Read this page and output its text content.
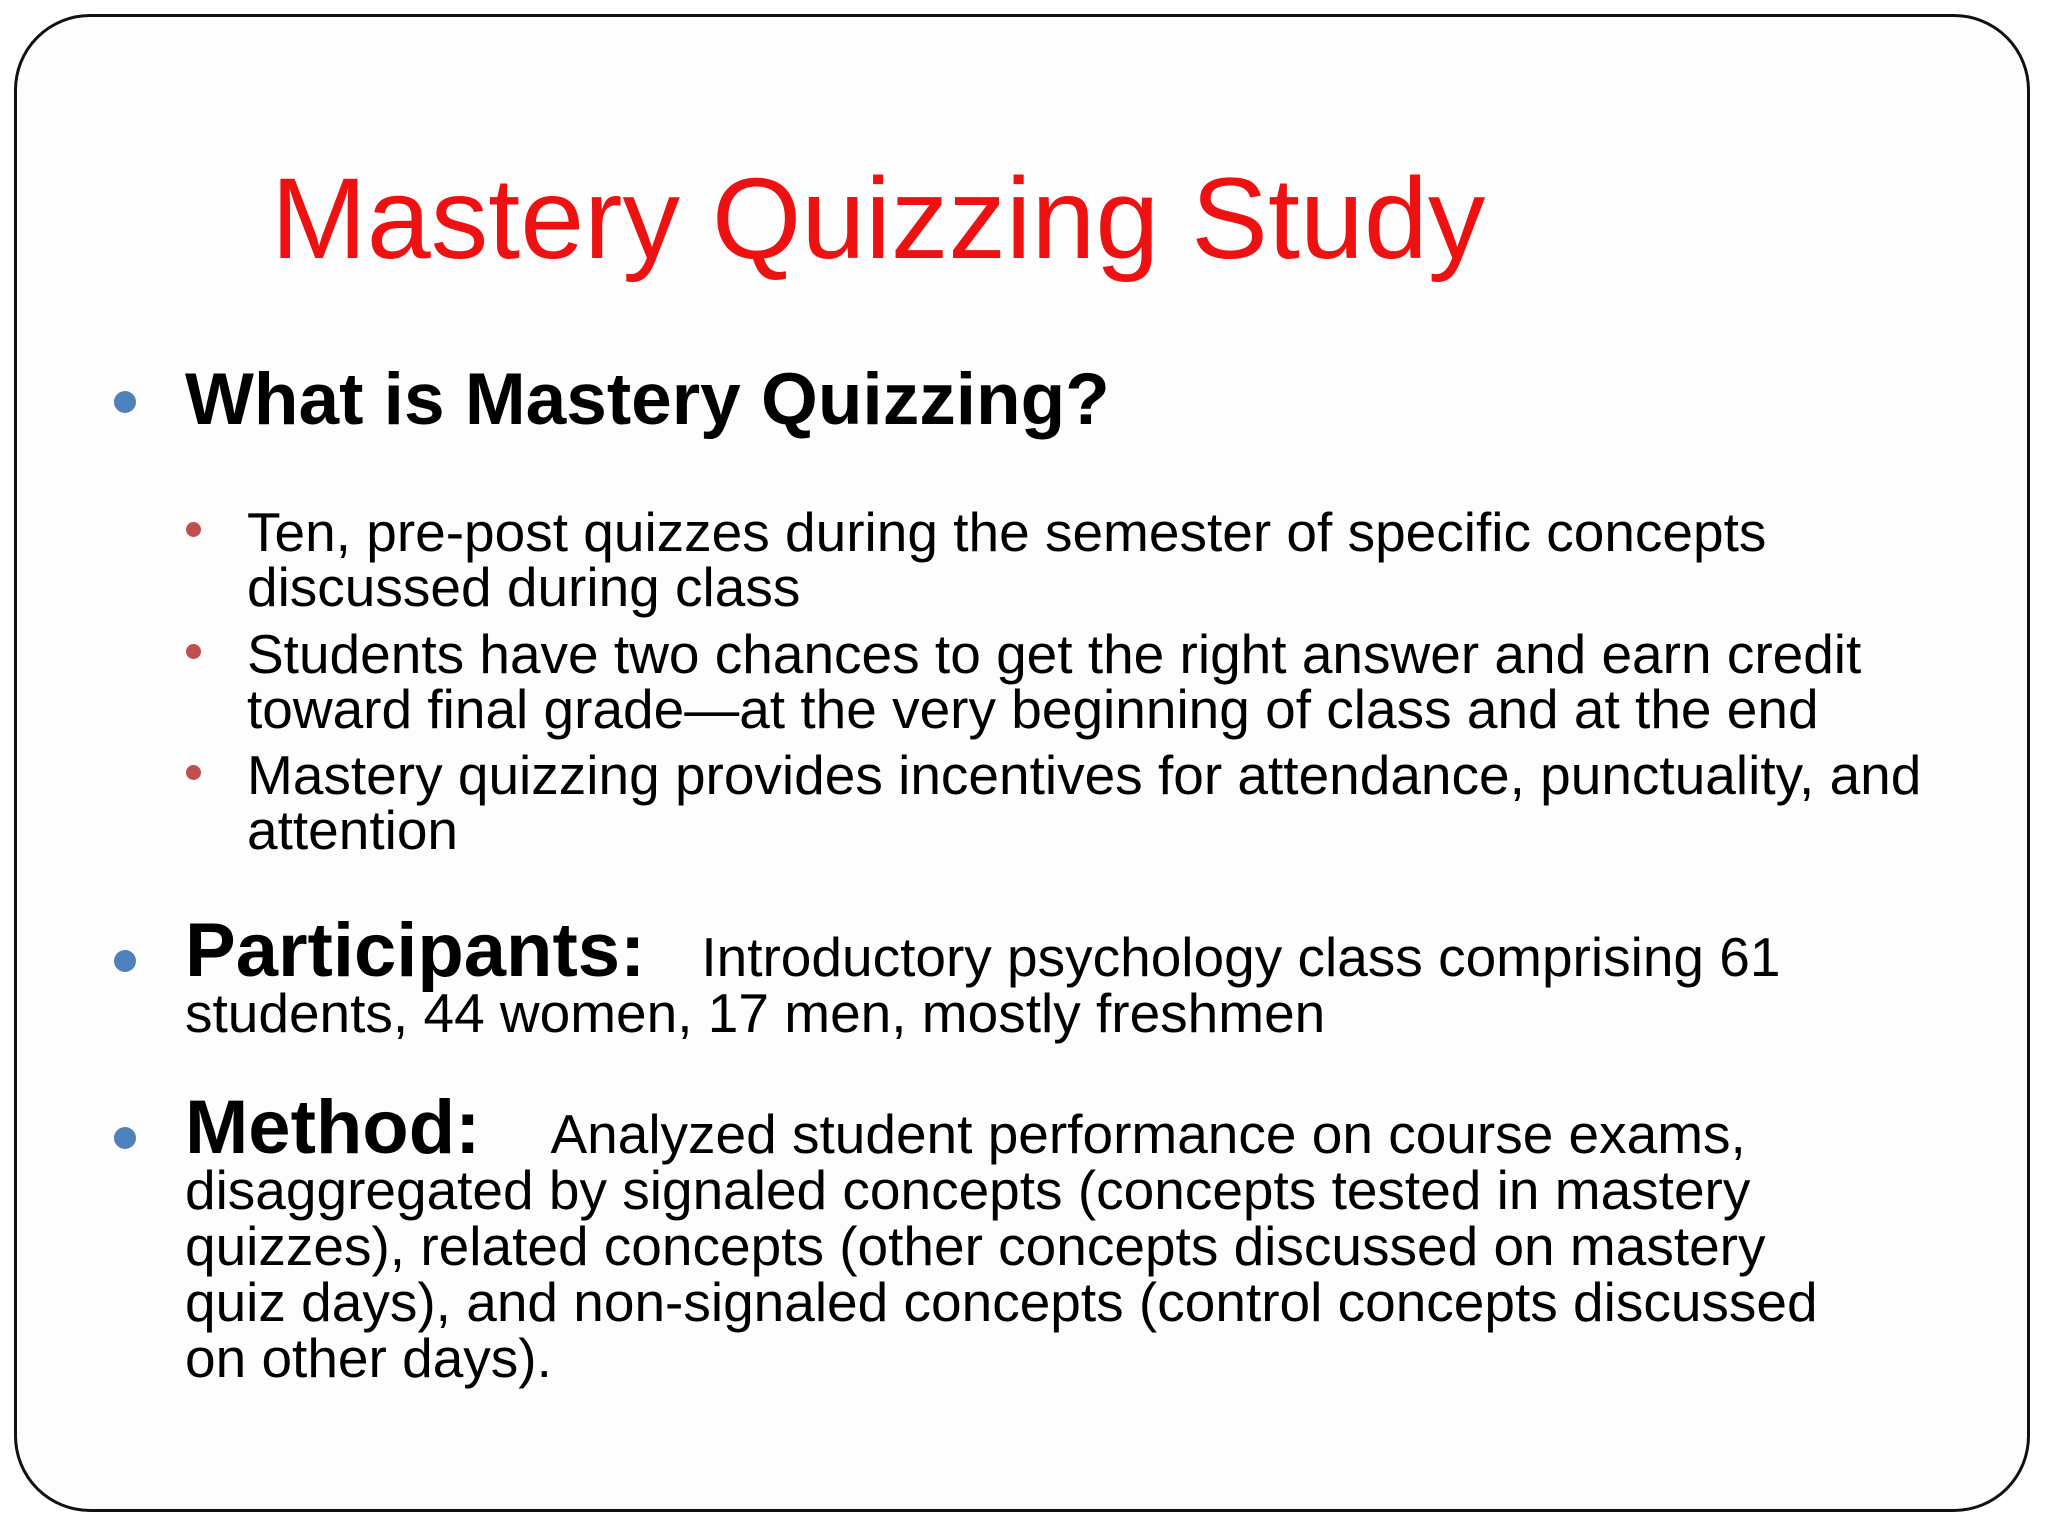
Mastery Quizzing Study
What is Mastery Quizzing?

Ten, pre-post quizzes during the semester of specific concepts discussed during class

Students have two chances to get the right answer and earn credit toward final grade—at the very beginning of class and at the end

Mastery quizzing provides incentives for attendance, punctuality, and attention

Participants: Introductory psychology class comprising 61 students, 44 women, 17 men, mostly freshmen

Method: Analyzed student performance on course exams, disaggregated by signaled concepts (concepts tested in mastery quizzes), related concepts (other concepts discussed on mastery quiz days), and non-signaled concepts (control concepts discussed on other days).
